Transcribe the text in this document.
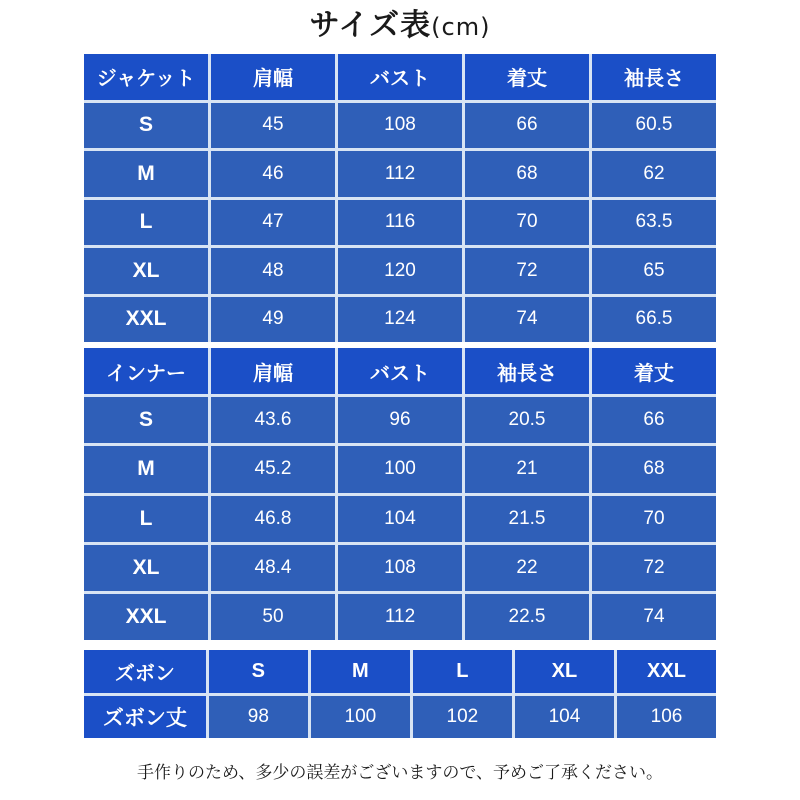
サイズ表(cm)
ジャケット	肩幅	バスト	着丈	袖長さ
S	45	108	66	60.5
M	46	112	68	62
L	47	116	70	63.5
XL	48	120	72	65
XXL	49	124	74	66.5
インナー	肩幅	バスト	袖長さ	着丈
S	43.6	96	20.5	66
M	45.2	100	21	68
L	46.8	104	21.5	70
XL	48.4	108	22	72
XXL	50	112	22.5	74
ズボン	S	M	L	XL	XXL
ズボン丈	98	100	102	104	106
手作りのため、多少の誤差がございますので、予めご了承ください。
